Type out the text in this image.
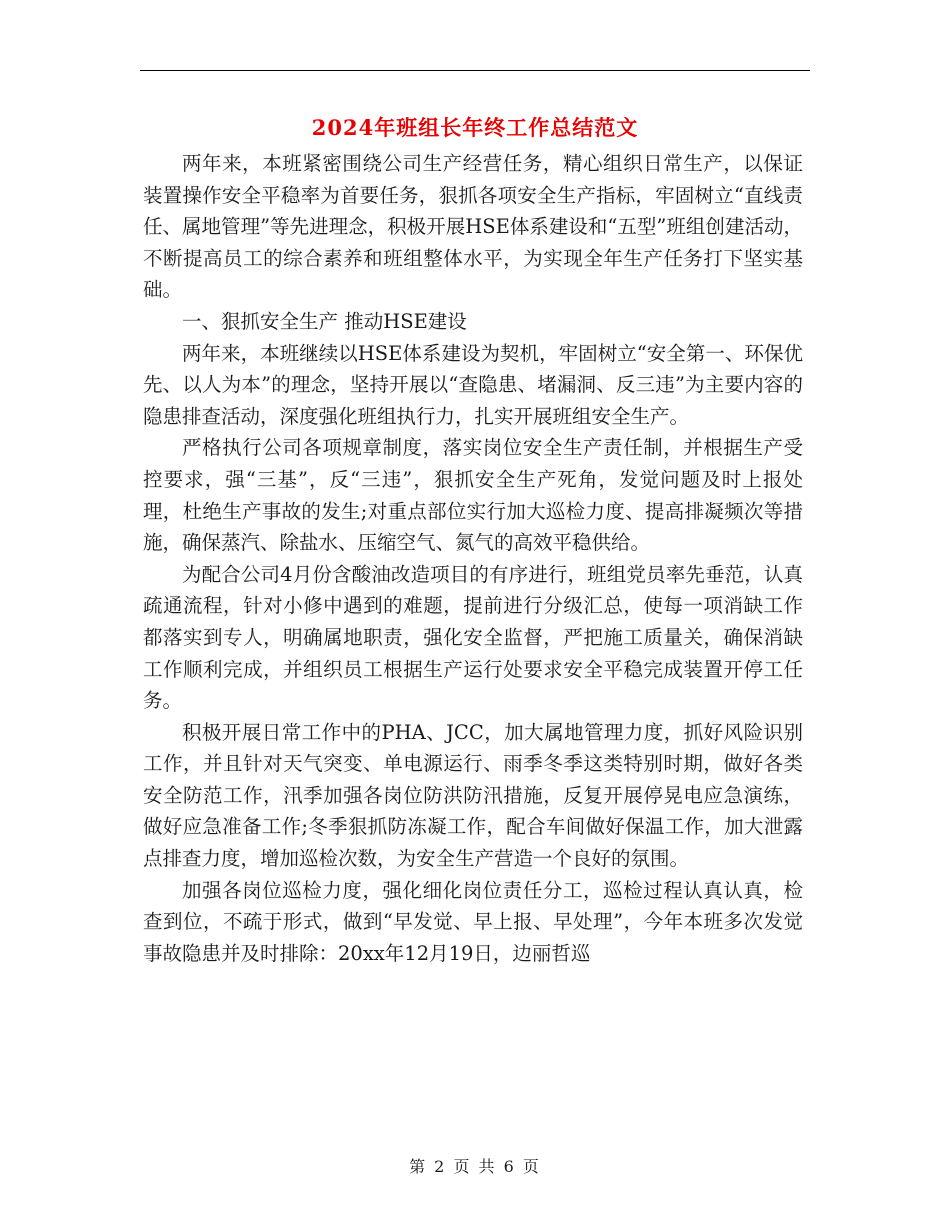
2024年班组长年终工作总结范文

两年来，本班紧密围绕公司生产经营任务，精心组织日常生产，以保证装置操作安全平稳率为首要任务，狠抓各项安全生产指标，牢固树立“直线责任、属地管理”等先进理念，积极开展HSE体系建设和“五型”班组创建活动，不断提高员工的综合素养和班组整体水平，为实现全年生产任务打下坚实基础。

一、狠抓安全生产 推动HSE建设

两年来，本班继续以HSE体系建设为契机，牢固树立“安全第一、环保优先、以人为本”的理念，坚持开展以“查隐患、堵漏洞、反三违”为主要内容的隐患排查活动，深度强化班组执行力，扎实开展班组安全生产。

严格执行公司各项规章制度，落实岗位安全生产责任制，并根据生产受控要求，强“三基”，反“三违”，狠抓安全生产死角，发觉问题及时上报处理，杜绝生产事故的发生;对重点部位实行加大巡检力度、提高排凝频次等措施，确保蒸汽、除盐水、压缩空气、氮气的高效平稳供给。

为配合公司4月份含酸油改造项目的有序进行，班组党员率先垂范，认真疏通流程，针对小修中遇到的难题，提前进行分级汇总，使每一项消缺工作都落实到专人，明确属地职责，强化安全监督，严把施工质量关，确保消缺工作顺利完成，并组织员工根据生产运行处要求安全平稳完成装置开停工任务。

积极开展日常工作中的PHA、JCC，加大属地管理力度，抓好风险识别工作，并且针对天气突变、单电源运行、雨季冬季这类特别时期，做好各类安全防范工作，汛季加强各岗位防洪防汛措施，反复开展停晃电应急演练，做好应急准备工作;冬季狠抓防冻凝工作，配合车间做好保温工作，加大泄露点排查力度，增加巡检次数，为安全生产营造一个良好的氛围。

加强各岗位巡检力度，强化细化岗位责任分工，巡检过程认真认真，检查到位，不疏于形式，做到“早发觉、早上报、早处理”，今年本班多次发觉事故隐患并及时排除：20xx年12月19日，边丽哲巡

第 2 页 共 6 页
